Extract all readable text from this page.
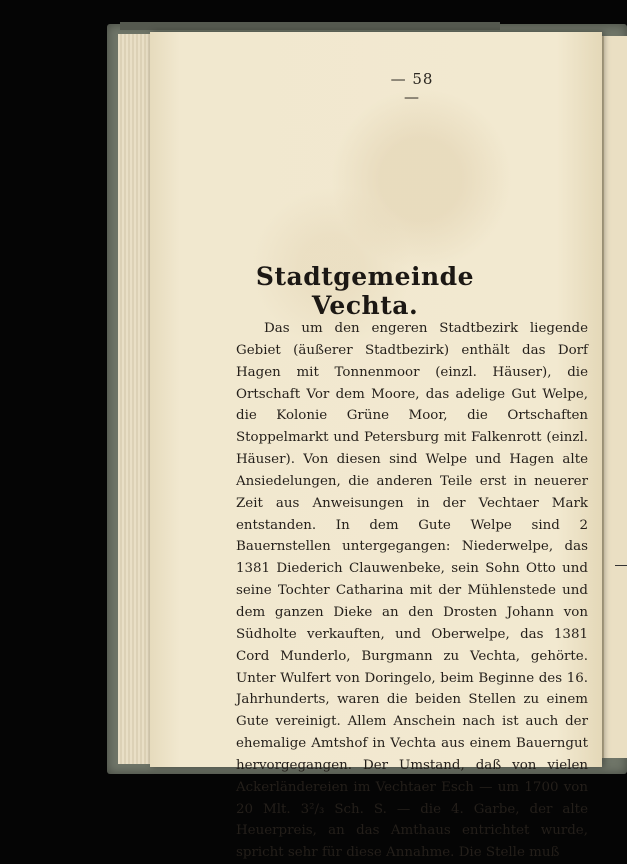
— 58 —
Stadtgemeinde Vechta.
Das um den engeren Stadtbezirk liegende Gebiet (äußerer Stadtbezirk) enthält das Dorf Hagen mit Tonnenmoor (einzl. Häuser), die Ortschaft Vor dem Moore, das adelige Gut Welpe, die Kolonie Grüne Moor, die Ortschaften Stoppelmarkt und Petersburg mit Falkenrott (einzl. Häuser). Von diesen sind Welpe und Hagen alte Ansiedelungen, die anderen Teile erst in neuerer Zeit aus Anweisungen in der Vechtaer Mark entstanden. In dem Gute Welpe sind 2 Bauernstellen untergegangen: Niederwelpe, das 1381 Diederich Clauwenbeke, sein Sohn Otto und seine Tochter Catharina mit der Mühlenstede und dem ganzen Dieke an den Drosten Johann von Südholte verkauften, und Oberwelpe, das 1381 Cord Munderlo, Burgmann zu Vechta, gehörte. Unter Wulfert von Doringelo, beim Beginne des 16. Jahrhunderts, waren die beiden Stellen zu einem Gute vereinigt. Allem Anschein nach ist auch der ehemalige Amtshof in Vechta aus einem Bauerngut hervorgegangen. Der Umstand, daß von vielen Ackerländereien im Vechtaer Esch — um 1700 von 20 Mlt. 3²/₃ Sch. S. — die 4. Garbe, der alte Heuerpreis, an das Amthaus entrichtet wurde, spricht sehr für diese Annahme. Die Stelle muß
